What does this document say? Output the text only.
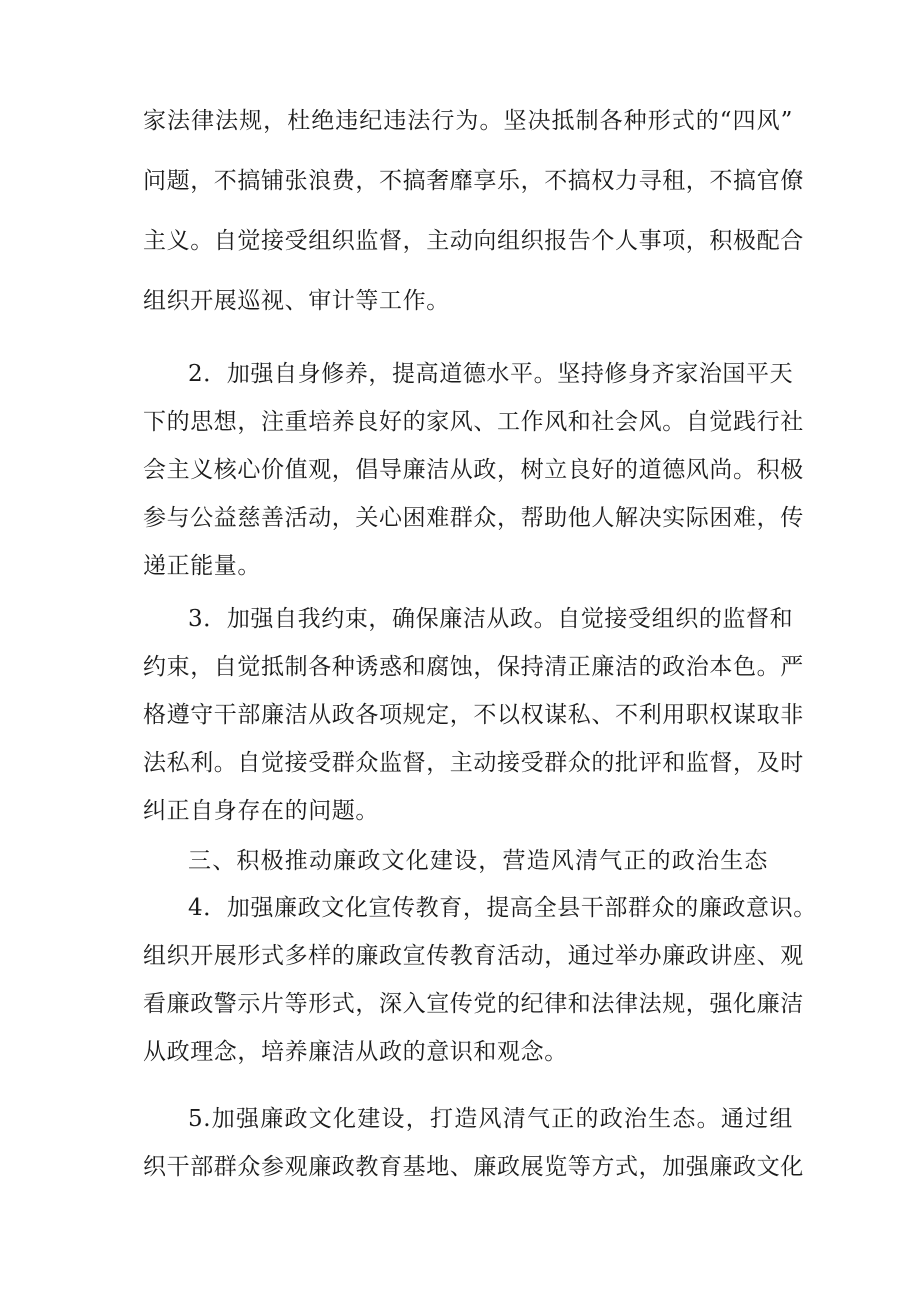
家法律法规，杜绝违纪违法行为。坚决抵制各种形式的“四风”
问题，不搞铺张浪费，不搞奢靡享乐，不搞权力寻租，不搞官僚
主义。自觉接受组织监督，主动向组织报告个人事项，积极配合
组织开展巡视、审计等工作。
2．加强自身修养，提高道德水平。坚持修身齐家治国平天
下的思想，注重培养良好的家风、工作风和社会风。自觉践行社
会主义核心价值观，倡导廉洁从政，树立良好的道德风尚。积极
参与公益慈善活动，关心困难群众，帮助他人解决实际困难，传
递正能量。
3．加强自我约束，确保廉洁从政。自觉接受组织的监督和
约束，自觉抵制各种诱惑和腐蚀，保持清正廉洁的政治本色。严
格遵守干部廉洁从政各项规定，不以权谋私、不利用职权谋取非
法私利。自觉接受群众监督，主动接受群众的批评和监督，及时
纠正自身存在的问题。
三、积极推动廉政文化建设，营造风清气正的政治生态
4．加强廉政文化宣传教育，提高全县干部群众的廉政意识。
组织开展形式多样的廉政宣传教育活动，通过举办廉政讲座、观
看廉政警示片等形式，深入宣传党的纪律和法律法规，强化廉洁
从政理念，培养廉洁从政的意识和观念。
5.加强廉政文化建设，打造风清气正的政治生态。通过组
织干部群众参观廉政教育基地、廉政展览等方式，加强廉政文化
